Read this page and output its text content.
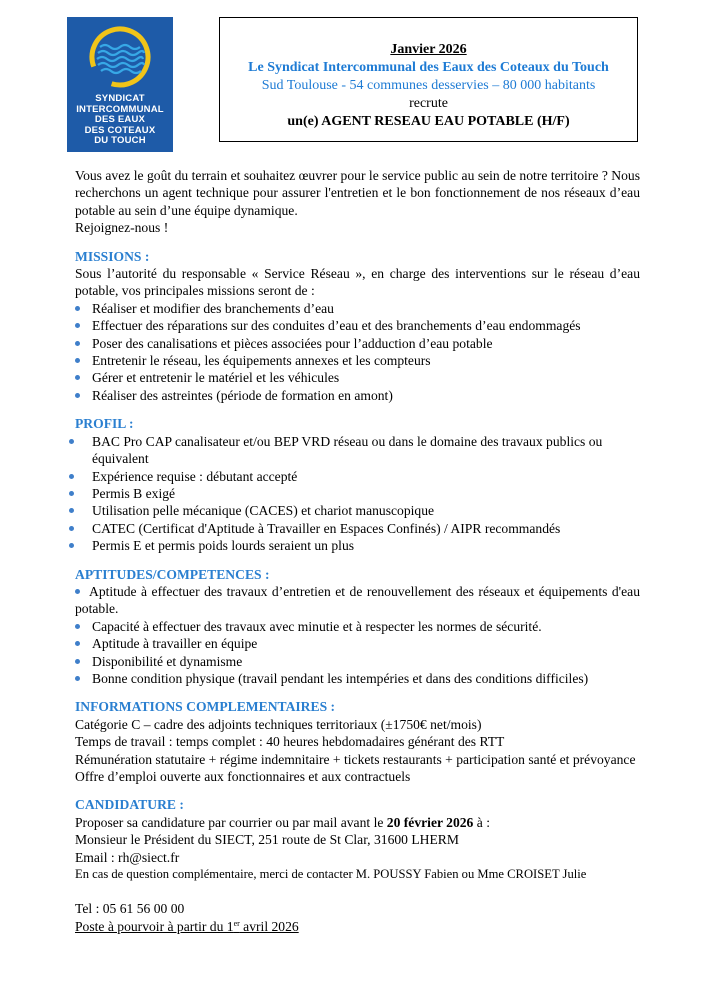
SYNDICAT
INTERCOMMUNAL
DES EAUX
DES COTEAUX
DU TOUCH
Janvier 2026
Le Syndicat Intercommunal des Eaux des Coteaux du Touch
Sud Toulouse - 54 communes desservies – 80 000 habitants
recrute
un(e) AGENT RESEAU EAU POTABLE (H/F)

Vous avez le goût du terrain et souhaitez œuvrer pour le service public au sein de notre territoire ? Nous recherchons un agent technique pour assurer l'entretien et le bon fonctionnement de nos réseaux d’eau potable au sein d’une équipe dynamique.

Rejoignez-nous !

MISSIONS :

Sous l’autorité du responsable « Service Réseau », en charge des interventions sur le réseau d’eau potable, vos principales missions seront de :

Réaliser et modifier des branchements d’eau
Effectuer des réparations sur des conduites d’eau et des branchements d’eau endommagés
Poser des canalisations et pièces associées pour l’adduction d’eau potable
Entretenir le réseau, les équipements annexes et les compteurs
Gérer et entretenir le matériel et les véhicules
Réaliser des astreintes (période de formation en amont)

PROFIL :

BAC Pro CAP canalisateur et/ou BEP VRD réseau ou dans le domaine des travaux publics ou équivalent
Expérience requise : débutant accepté
Permis B exigé
Utilisation pelle mécanique (CACES) et chariot manuscopique
CATEC (Certificat d'Aptitude à Travailler en Espaces Confinés) / AIPR recommandés
Permis E et permis poids lourds seraient un plus

APTITUDES/COMPETENCES :

Aptitude à effectuer des travaux d’entretien et de renouvellement des réseaux et équipements d'eau potable.

Capacité à effectuer des travaux avec minutie et à respecter les normes de sécurité.
Aptitude à travailler en équipe
Disponibilité et dynamisme
Bonne condition physique (travail pendant les intempéries et dans des conditions difficiles)

INFORMATIONS COMPLEMENTAIRES :

Catégorie C – cadre des adjoints techniques territoriaux (±1750€ net/mois)

Temps de travail : temps complet : 40 heures hebdomadaires générant des RTT

Rémunération statutaire + régime indemnitaire + tickets restaurants + participation santé et prévoyance

Offre d’emploi ouverte aux fonctionnaires et aux contractuels

CANDIDATURE :

Proposer sa candidature par courrier ou par mail avant le 20 février 2026 à :

Monsieur le Président du SIECT, 251 route de St Clar, 31600 LHERM

Email : rh@siect.fr

En cas de question complémentaire, merci de contacter M. POUSSY Fabien ou Mme CROISET Julie

Tel : 05 61 56 00 00

Poste à pourvoir à partir du 1er avril 2026
